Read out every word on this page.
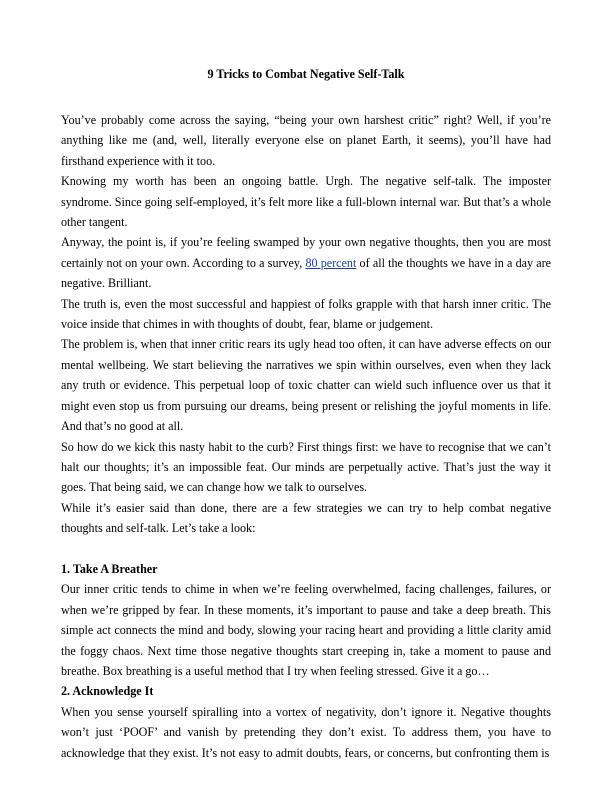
9 Tricks to Combat Negative Self-Talk

You’ve probably come across the saying, “being your own harshest critic” right? Well, if you’re anything like me (and, well, literally everyone else on planet Earth, it seems), you’ll have had firsthand experience with it too.

Knowing my worth has been an ongoing battle. Urgh. The negative self-talk. The imposter syndrome. Since going self-employed, it’s felt more like a full-blown internal war. But that’s a whole other tangent.

Anyway, the point is, if you’re feeling swamped by your own negative thoughts, then you are most certainly not on your own. According to a survey, 80 percent of all the thoughts we have in a day are negative. Brilliant.

The truth is, even the most successful and happiest of folks grapple with that harsh inner critic. The voice inside that chimes in with thoughts of doubt, fear, blame or judgement.

The problem is, when that inner critic rears its ugly head too often, it can have adverse effects on our mental wellbeing. We start believing the narratives we spin within ourselves, even when they lack any truth or evidence. This perpetual loop of toxic chatter can wield such influence over us that it might even stop us from pursuing our dreams, being present or relishing the joyful moments in life. And that’s no good at all.

So how do we kick this nasty habit to the curb? First things first: we have to recognise that we can’t halt our thoughts; it’s an impossible feat. Our minds are perpetually active. That’s just the way it goes. That being said, we can change how we talk to ourselves.

While it’s easier said than done, there are a few strategies we can try to help combat negative thoughts and self-talk. Let’s take a look:

1. Take A Breather

Our inner critic tends to chime in when we’re feeling overwhelmed, facing challenges, failures, or when we’re gripped by fear. In these moments, it’s important to pause and take a deep breath. This simple act connects the mind and body, slowing your racing heart and providing a little clarity amid the foggy chaos. Next time those negative thoughts start creeping in, take a moment to pause and breathe. Box breathing is a useful method that I try when feeling stressed. Give it a go…

2. Acknowledge It

When you sense yourself spiralling into a vortex of negativity, don’t ignore it. Negative thoughts won’t just ‘POOF’ and vanish by pretending they don’t exist. To address them, you have to acknowledge that they exist. It’s not easy to admit doubts, fears, or concerns, but confronting them is
